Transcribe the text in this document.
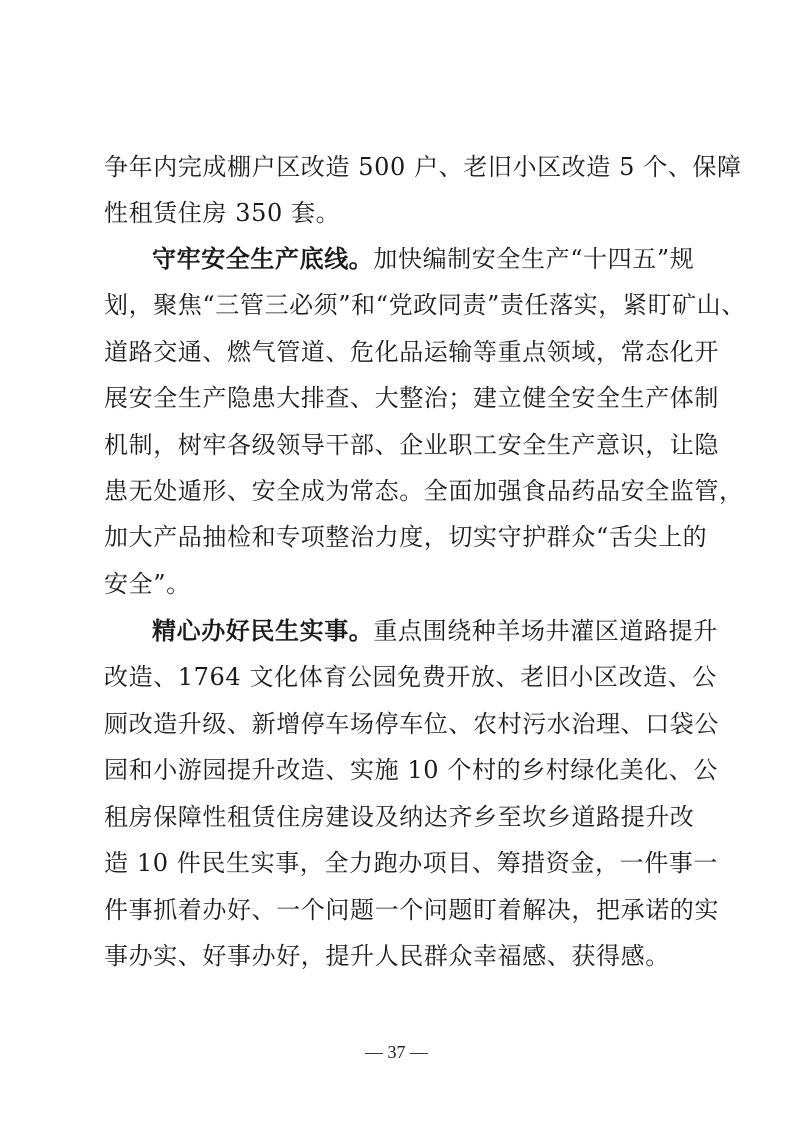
争年内完成棚户区改造 500 户、老旧小区改造 5 个、保障
性租赁住房 350 套。
守牢安全生产底线。加快编制安全生产“十四五”规
划，聚焦“三管三必须”和“党政同责”责任落实，紧盯矿山、
道路交通、燃气管道、危化品运输等重点领域，常态化开
展安全生产隐患大排查、大整治；建立健全安全生产体制
机制，树牢各级领导干部、企业职工安全生产意识，让隐
患无处遁形、安全成为常态。全面加强食品药品安全监管，
加大产品抽检和专项整治力度，切实守护群众“舌尖上的
安全”。
精心办好民生实事。重点围绕种羊场井灌区道路提升
改造、1764 文化体育公园免费开放、老旧小区改造、公
厕改造升级、新增停车场停车位、农村污水治理、口袋公
园和小游园提升改造、实施 10 个村的乡村绿化美化、公
租房保障性租赁住房建设及纳达齐乡至坎乡道路提升改
造 10 件民生实事，全力跑办项目、筹措资金，一件事一
件事抓着办好、一个问题一个问题盯着解决，把承诺的实
事办实、好事办好，提升人民群众幸福感、获得感。
— 37 —
